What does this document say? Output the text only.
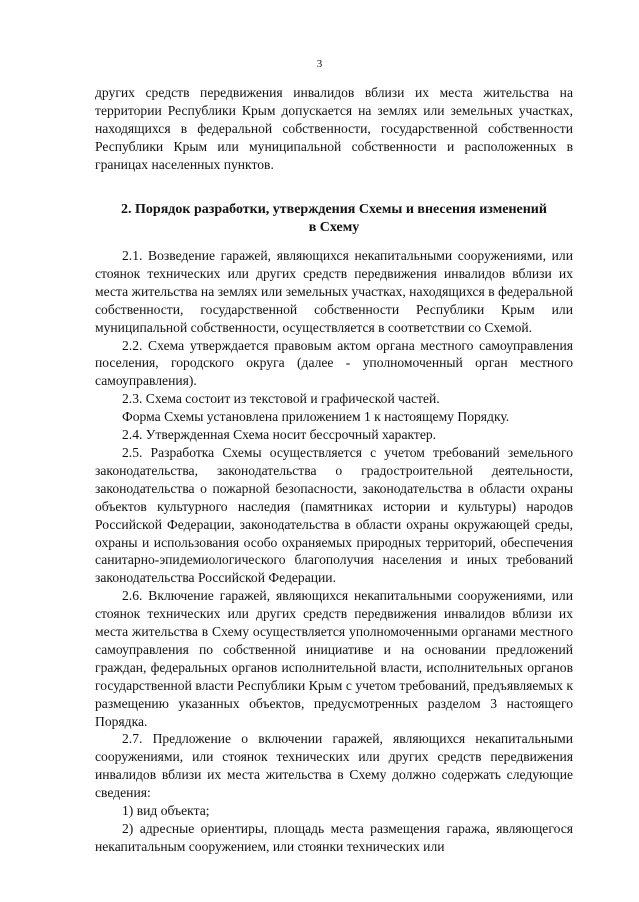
3

других средств передвижения инвалидов вблизи их места жительства на территории Республики Крым допускается на землях или земельных участках, находящихся в федеральной собственности, государственной собственности Республики Крым или муниципальной собственности и расположенных в границах населенных пунктов.

2. Порядок разработки, утверждения Схемы и внесения изменений
в Схему

2.1. Возведение гаражей, являющихся некапитальными сооружениями, или стоянок технических или других средств передвижения инвалидов вблизи их места жительства на землях или земельных участках, находящихся в федеральной собственности, государственной собственности Республики Крым или муниципальной собственности, осуществляется в соответствии со Схемой.

2.2. Схема утверждается правовым актом органа местного самоуправления поселения, городского округа (далее - уполномоченный орган местного самоуправления).

2.3. Схема состоит из текстовой и графической частей.

Форма Схемы установлена приложением 1 к настоящему Порядку.

2.4. Утвержденная Схема носит бессрочный характер.

2.5. Разработка Схемы осуществляется с учетом требований земельного законодательства, законодательства о градостроительной деятельности, законодательства о пожарной безопасности, законодательства в области охраны объектов культурного наследия (памятниках истории и культуры) народов Российской Федерации, законодательства в области охраны окружающей среды, охраны и использования особо охраняемых природных территорий, обеспечения санитарно-эпидемиологического благополучия населения и иных требований законодательства Российской Федерации.

2.6. Включение гаражей, являющихся некапитальными сооружениями, или стоянок технических или других средств передвижения инвалидов вблизи их места жительства в Схему осуществляется уполномоченными органами местного самоуправления по собственной инициативе и на основании предложений граждан, федеральных органов исполнительной власти, исполнительных органов государственной власти Республики Крым с учетом требований, предъявляемых к размещению указанных объектов, предусмотренных разделом 3 настоящего Порядка.

2.7. Предложение о включении гаражей, являющихся некапитальными сооружениями, или стоянок технических или других средств передвижения инвалидов вблизи их места жительства в Схему должно содержать следующие сведения:

1) вид объекта;

2) адресные ориентиры, площадь места размещения гаража, являющегося некапитальным сооружением, или стоянки технических или
